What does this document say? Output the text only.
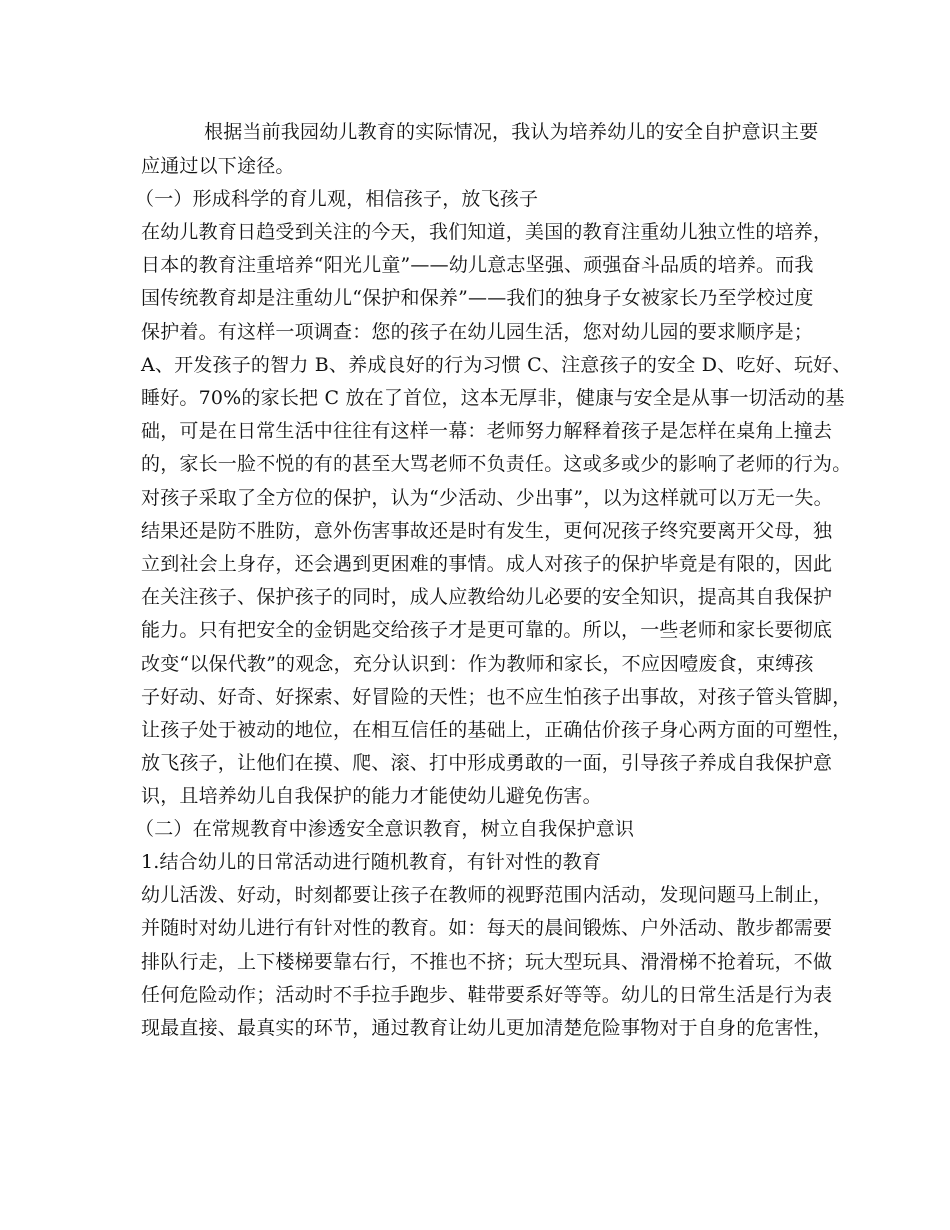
根据当前我园幼儿教育的实际情况，我认为培养幼儿的安全自护意识主要
应通过以下途径。
（一）形成科学的育儿观，相信孩子，放飞孩子
在幼儿教育日趋受到关注的今天，我们知道，美国的教育注重幼儿独立性的培养，
日本的教育注重培养“阳光儿童”——幼儿意志坚强、顽强奋斗品质的培养。而我
国传统教育却是注重幼儿“保护和保养”——我们的独身子女被家长乃至学校过度
保护着。有这样一项调查：您的孩子在幼儿园生活，您对幼儿园的要求顺序是；
A、开发孩子的智力 B、养成良好的行为习惯 C、注意孩子的安全 D、吃好、玩好、
睡好。70%的家长把 C 放在了首位，这本无厚非，健康与安全是从事一切活动的基
础，可是在日常生活中往往有这样一幕：老师努力解释着孩子是怎样在桌角上撞去
的，家长一脸不悦的有的甚至大骂老师不负责任。这或多或少的影响了老师的行为。
对孩子采取了全方位的保护，认为“少活动、少出事”，以为这样就可以万无一失。
结果还是防不胜防，意外伤害事故还是时有发生，更何况孩子终究要离开父母，独
立到社会上身存，还会遇到更困难的事情。成人对孩子的保护毕竟是有限的，因此
在关注孩子、保护孩子的同时，成人应教给幼儿必要的安全知识，提高其自我保护
能力。只有把安全的金钥匙交给孩子才是更可靠的。所以，一些老师和家长要彻底
改变“以保代教”的观念，充分认识到：作为教师和家长，不应因噎废食，束缚孩
子好动、好奇、好探索、好冒险的天性；也不应生怕孩子出事故，对孩子管头管脚，
让孩子处于被动的地位，在相互信任的基础上，正确估价孩子身心两方面的可塑性，
放飞孩子，让他们在摸、爬、滚、打中形成勇敢的一面，引导孩子养成自我保护意
识，且培养幼儿自我保护的能力才能使幼儿避免伤害。
（二）在常规教育中渗透安全意识教育，树立自我保护意识
1.结合幼儿的日常活动进行随机教育，有针对性的教育
幼儿活泼、好动，时刻都要让孩子在教师的视野范围内活动，发现问题马上制止，
并随时对幼儿进行有针对性的教育。如：每天的晨间锻炼、户外活动、散步都需要
排队行走，上下楼梯要靠右行，不推也不挤；玩大型玩具、滑滑梯不抢着玩，不做
任何危险动作；活动时不手拉手跑步、鞋带要系好等等。幼儿的日常生活是行为表
现最直接、最真实的环节，通过教育让幼儿更加清楚危险事物对于自身的危害性，
